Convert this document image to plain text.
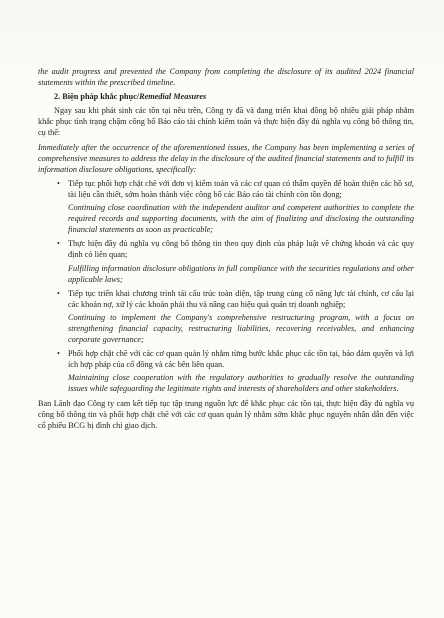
the audit progress and prevented the Company from completing the disclosure of its audited 2024 financial statements within the prescribed timeline.

2. Biện pháp khắc phục/Remedial Measures

Ngay sau khi phát sinh các tồn tại nêu trên, Công ty đã và đang triển khai đồng bộ nhiều giải pháp nhằm khắc phục tình trạng chậm công bố Báo cáo tài chính kiểm toán và thực hiện đầy đủ nghĩa vụ công bố thông tin, cụ thể:

Immediately after the occurrence of the aforementioned issues, the Company has been implementing a series of comprehensive measures to address the delay in the disclosure of the audited financial statements and to fulfill its information disclosure obligations, specifically:

• Tiếp tục phối hợp chặt chẽ với đơn vị kiểm toán và các cơ quan có thẩm quyền để hoàn thiện các hồ sơ, tài liệu cần thiết, sớm hoàn thành việc công bố các Báo cáo tài chính còn tồn đọng;

Continuing close coordination with the independent auditor and competent authorities to complete the required records and supporting documents, with the aim of finalizing and disclosing the outstanding financial statements as soon as practicable;

• Thực hiện đầy đủ nghĩa vụ công bố thông tin theo quy định của pháp luật về chứng khoán và các quy định có liên quan;

Fulfilling information disclosure obligations in full compliance with the securities regulations and other applicable laws;

• Tiếp tục triển khai chương trình tái cấu trúc toàn diện, tập trung củng cố năng lực tài chính, cơ cấu lại các khoản nợ, xử lý các khoản phải thu và nâng cao hiệu quả quản trị doanh nghiệp;

Continuing to implement the Company's comprehensive restructuring program, with a focus on strengthening financial capacity, restructuring liabilities, recovering receivables, and enhancing corporate governance;

• Phối hợp chặt chẽ với các cơ quan quản lý nhằm từng bước khắc phục các tồn tại, bảo đảm quyền và lợi ích hợp pháp của cổ đông và các bên liên quan.

Maintaining close cooperation with the regulatory authorities to gradually resolve the outstanding issues while safeguarding the legitimate rights and interests of shareholders and other stakeholders.

Ban Lãnh đạo Công ty cam kết tiếp tục tập trung nguồn lực để khắc phục các tồn tại, thực hiện đầy đủ nghĩa vụ công bố thông tin và phối hợp chặt chẽ với các cơ quan quản lý nhằm sớm khắc phục nguyên nhân dẫn đến việc cổ phiếu BCG bị đình chỉ giao dịch.
